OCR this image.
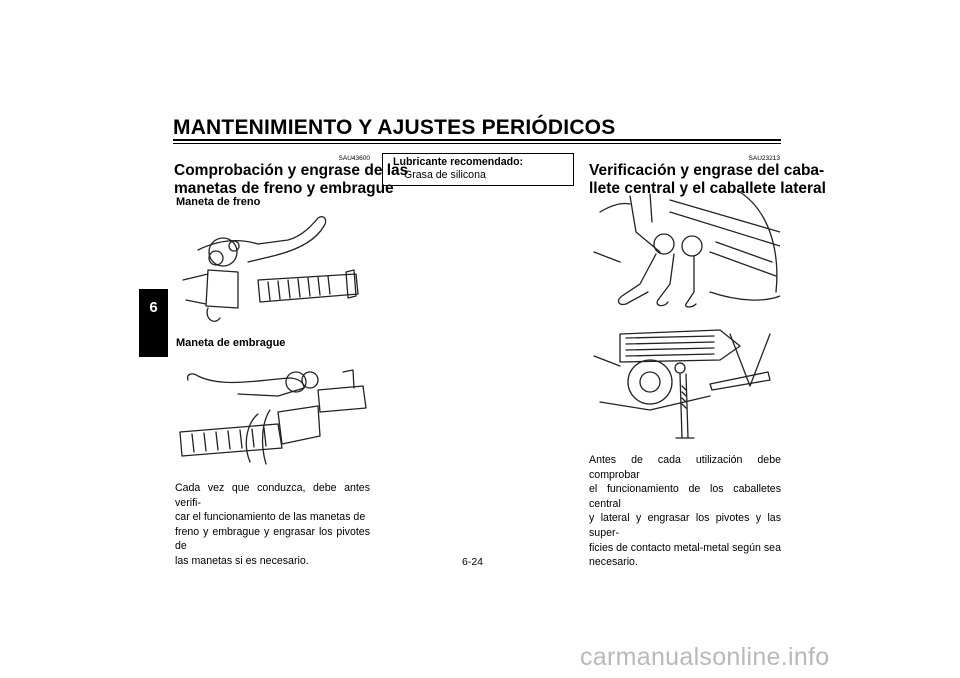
MANTENIMIENTO Y AJUSTES PERIÓDICOS
6
SAU43600
Comprobación y engrase de las
manetas de freno y embrague
Maneta de freno
Maneta de embrague
Cada vez que conduzca, debe antes verifi-
car el funcionamiento de las manetas de
freno y embrague y engrasar los pivotes de
las manetas si es necesario.
Lubricante recomendado:
Grasa de silicona
SAU23213
Verificación y engrase del caba-
llete central y el caballete lateral
Antes de cada utilización debe comprobar
el funcionamiento de los caballetes central
y lateral y engrasar los pivotes y las super-
ficies de contacto metal-metal según sea
necesario.
6-24
carmanualsonline.info
